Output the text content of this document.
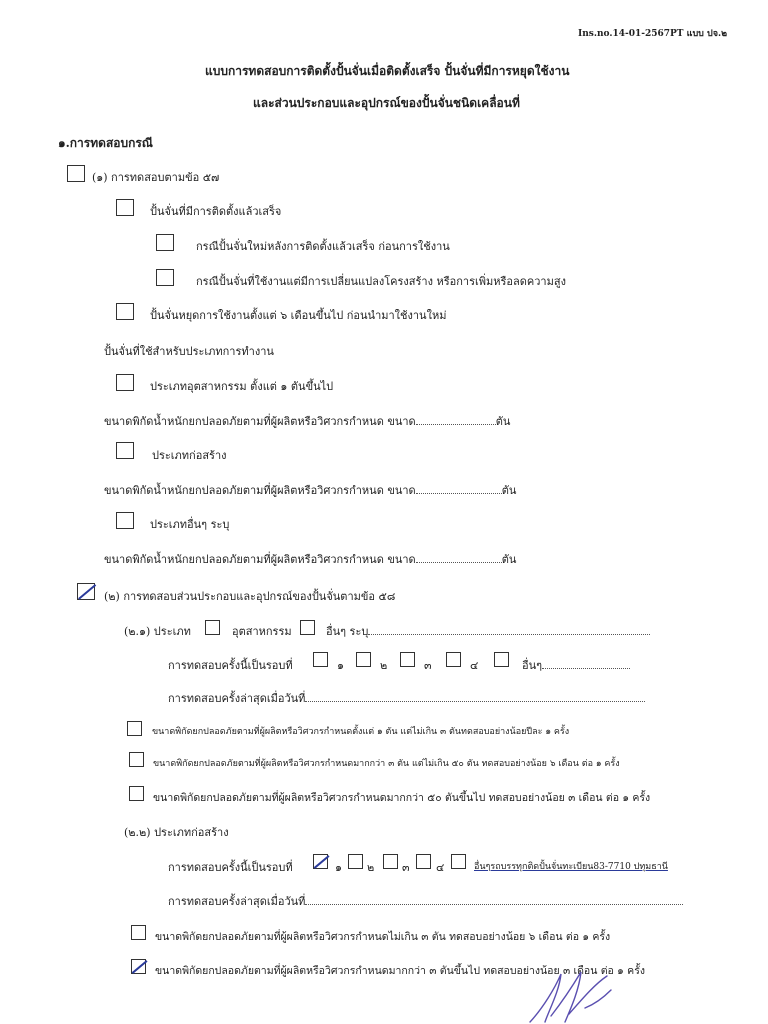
Ins.no.14-01-2567PT แบบ ปจ.๒
แบบการทดสอบการติดตั้งปั้นจั่นเมื่อติดตั้งเสร็จ ปั้นจั่นที่มีการหยุดใช้งาน
และส่วนประกอบและอุปกรณ์ของปั้นจั่นชนิดเคลื่อนที่
๑.การทดสอบกรณี
(๑) การทดสอบตามข้อ ๕๗
ปั้นจั่นที่มีการติดตั้งแล้วเสร็จ
กรณีปั้นจั่นใหม่หลังการติดตั้งแล้วเสร็จ ก่อนการใช้งาน
กรณีปั้นจั่นที่ใช้งานแต่มีการเปลี่ยนแปลงโครงสร้าง หรือการเพิ่มหรือลดความสูง
ปั้นจั่นหยุดการใช้งานตั้งแต่ ๖ เดือนขึ้นไป ก่อนนำมาใช้งานใหม่
ปั้นจั่นที่ใช้สำหรับประเภทการทำงาน
ประเภทอุตสาหกรรม ตั้งแต่ ๑ ตันขึ้นไป
ขนาดพิกัดน้ำหนักยกปลอดภัยตามที่ผู้ผลิตหรือวิศวกรกำหนด ขนาด	ตัน
ประเภทก่อสร้าง
ขนาดพิกัดน้ำหนักยกปลอดภัยตามที่ผู้ผลิตหรือวิศวกรกำหนด ขนาด	ตัน
ประเภทอื่นๆ ระบุ
ขนาดพิกัดน้ำหนักยกปลอดภัยตามที่ผู้ผลิตหรือวิศวกรกำหนด ขนาด	ตัน
(๒) การทดสอบส่วนประกอบและอุปกรณ์ของปั้นจั่นตามข้อ ๕๘
(๒.๑) ประเภท	อุตสาหกรรม	อื่นๆ ระบุ
การทดสอบครั้งนี้เป็นรอบที่	๑	๒	๓	๔	อื่นๆ
การทดสอบครั้งล่าสุดเมื่อวันที่
ขนาดพิกัดยกปลอดภัยตามที่ผู้ผลิตหรือวิศวกรกำหนดตั้งแต่ ๑ ตัน แต่ไม่เกิน ๓ ตันทดสอบอย่างน้อยปีละ ๑ ครั้ง
ขนาดพิกัดยกปลอดภัยตามที่ผู้ผลิตหรือวิศวกรกำหนดมากกว่า ๓ ตัน แต่ไม่เกิน ๕๐ ตัน ทดสอบอย่างน้อย ๖ เดือน ต่อ ๑ ครั้ง
ขนาดพิกัดยกปลอดภัยตามที่ผู้ผลิตหรือวิศวกรกำหนดมากกว่า ๕๐ ตันขึ้นไป ทดสอบอย่างน้อย ๓ เดือน ต่อ ๑ ครั้ง
(๒.๒) ประเภทก่อสร้าง
การทดสอบครั้งนี้เป็นรอบที่	๑ ๒	๓ ๔	อื่นๆรถบรรทุกติดปั้นจั่นทะเบียน83-7710 ปทุมธานี
การทดสอบครั้งล่าสุดเมื่อวันที่
ขนาดพิกัดยกปลอดภัยตามที่ผู้ผลิตหรือวิศวกรกำหนดไม่เกิน ๓ ตัน ทดสอบอย่างน้อย ๖ เดือน ต่อ ๑ ครั้ง
ขนาดพิกัดยกปลอดภัยตามที่ผู้ผลิตหรือวิศวกรกำหนดมากกว่า ๓ ตันขึ้นไป ทดสอบอย่างน้อย ๓ เดือน ต่อ ๑ ครั้ง
